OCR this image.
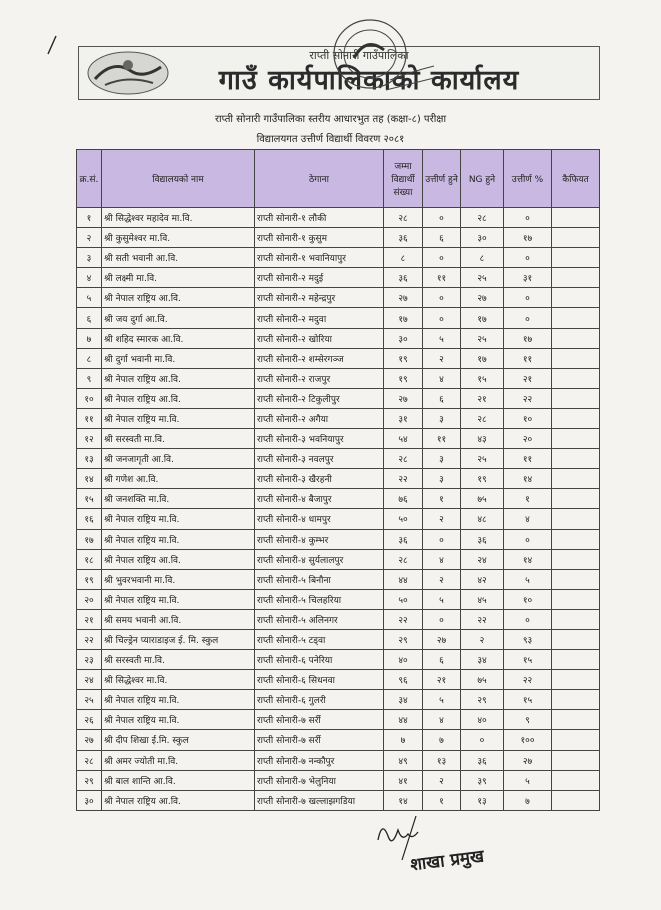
राप्ती सोनारी गाउँपालिका
गाउँ कार्यपालिकाको कार्यालय
राप्ती सोनारी गाउँपालिका स्तरीय आधारभुत तह (कक्षा-८) परीक्षा
विद्यालयगत उत्तीर्ण विद्यार्थी विवरण २०८१
क्र.सं.	विद्यालयको नाम	ठेगाना	जम्मा विद्यार्थी संख्या	उत्तीर्ण हुने	NG हुने	उत्तीर्ण %	कैफियत
१	श्री सिद्धेश्वर महादेव मा.वि.	राप्ती सोनारी-१ लौकी	२८	०	२८	०	
२	श्री कुसुमेश्वर मा.वि.	राप्ती सोनारी-१ कुसुम	३६	६	३०	१७	
३	श्री सती भवानी आ.वि.	राप्ती सोनारी-१ भवानियापुर	८	०	८	०	
४	श्री लक्ष्मी मा.वि.	राप्ती सोनारी-२ मदुई	३६	११	२५	३१	
५	श्री नेपाल राष्ट्रिय आ.वि.	राप्ती सोनारी-२ महेन्द्रपुर	२७	०	२७	०	
६	श्री जय दुर्गा आ.वि.	राप्ती सोनारी-२ मदुवा	१७	०	१७	०	
७	श्री शहिद स्मारक आ.वि.	राप्ती सोनारी-२ खोरिया	३०	५	२५	१७	
८	श्री दुर्गा भवानी मा.वि.	राप्ती सोनारी-२ शम्सेरगञ्ज	१९	२	१७	११	
९	श्री नेपाल राष्ट्रिय आ.वि.	राप्ती सोनारी-२ राजपुर	१९	४	१५	२१	
१०	श्री नेपाल राष्ट्रिय आ.वि.	राप्ती सोनारी-२ टिकुलीपुर	२७	६	२१	२२	
११	श्री नेपाल राष्ट्रिय मा.वि.	राप्ती सोनारी-२ अगैया	३१	३	२८	१०	
१२	श्री सरस्वती मा.वि.	राप्ती सोनारी-३ भवनियापुर	५४	११	४३	२०	
१३	श्री जनजागृती आ.वि.	राप्ती सोनारी-३ नवलपुर	२८	३	२५	११	
१४	श्री गणेश आ.वि.	राप्ती सोनारी-३ खैरहनी	२२	३	१९	१४	
१५	श्री जनशक्ति मा.वि.	राप्ती सोनारी-४ बैजापुर	७६	१	७५	१	
१६	श्री नेपाल राष्ट्रिय मा.वि.	राप्ती सोनारी-४ धामपुर	५०	२	४८	४	
१७	श्री नेपाल राष्ट्रिय मा.वि.	राप्ती सोनारी-४ कुम्भर	३६	०	३६	०	
१८	श्री नेपाल राष्ट्रिय आ.वि.	राप्ती सोनारी-४ सुर्यलालपुर	२८	४	२४	१४	
१९	श्री भुवरभवानी मा.वि.	राप्ती सोनारी-५ बिनौना	४४	२	४२	५	
२०	श्री नेपाल राष्ट्रिय मा.वि.	राप्ती सोनारी-५ चिलहरिया	५०	५	४५	१०	
२१	श्री समय भवानी आ.वि.	राप्ती सोनारी-५ अलिनगर	२२	०	२२	०	
२२	श्री चिल्ड्रेन प्याराडाइज ई. मि. स्कुल	राप्ती सोनारी-५ टड्वा	२९	२७	२	९३	
२३	श्री सरस्वती मा.वि.	राप्ती सोनारी-६ पनेरिया	४०	६	३४	१५	
२४	श्री सिद्धेश्वर मा.वि.	राप्ती सोनारी-६ सिधनवा	९६	२१	७५	२२	
२५	श्री नेपाल राष्ट्रिय मा.वि.	राप्ती सोनारी-६ गुलरी	३४	५	२९	१५	
२६	श्री नेपाल राष्ट्रिय मा.वि.	राप्ती सोनारी-७ सर्री	४४	४	४०	९	
२७	श्री दीप शिखा ई.मि. स्कुल	राप्ती सोनारी-७ सर्री	७	७	०	१००	
२८	श्री अमर ज्योती मा.वि.	राप्ती सोनारी-७ नन्कौपुर	४९	१३	३६	२७	
२९	श्री बाल शान्ति आ.वि.	राप्ती सोनारी-७ भेलुनिया	४१	२	३९	५	
३०	श्री नेपाल राष्ट्रिय आ.वि.	राप्ती सोनारी-७ खल्लाझगडिया	१४	१	१३	७	
शाखा प्रमुख
